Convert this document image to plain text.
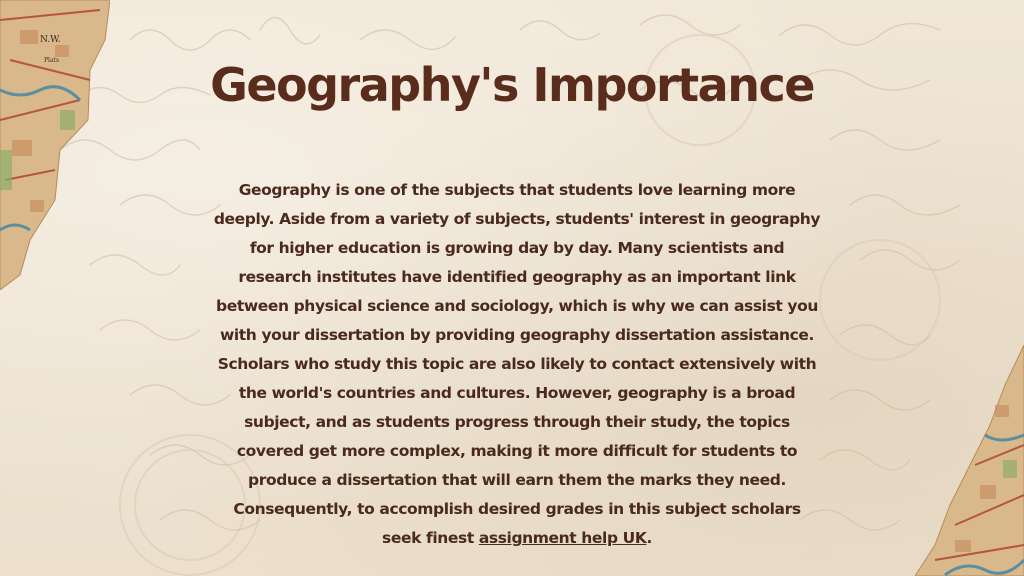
N.W.
Plats	Geography's Importance

Geography is one of the subjects that students love learning more deeply. Aside from a variety of subjects, students' interest in geography for higher education is growing day by day. Many scientists and research institutes have identified geography as an important link between physical science and sociology, which is why we can assist you with your dissertation by providing geography dissertation assistance. Scholars who study this topic are also likely to contact extensively with the world's countries and cultures. However, geography is a broad subject, and as students progress through their study, the topics covered get more complex, making it more difficult for students to produce a dissertation that will earn them the marks they need. Consequently, to accomplish desired grades in this subject scholars seek finest assignment help UK.
